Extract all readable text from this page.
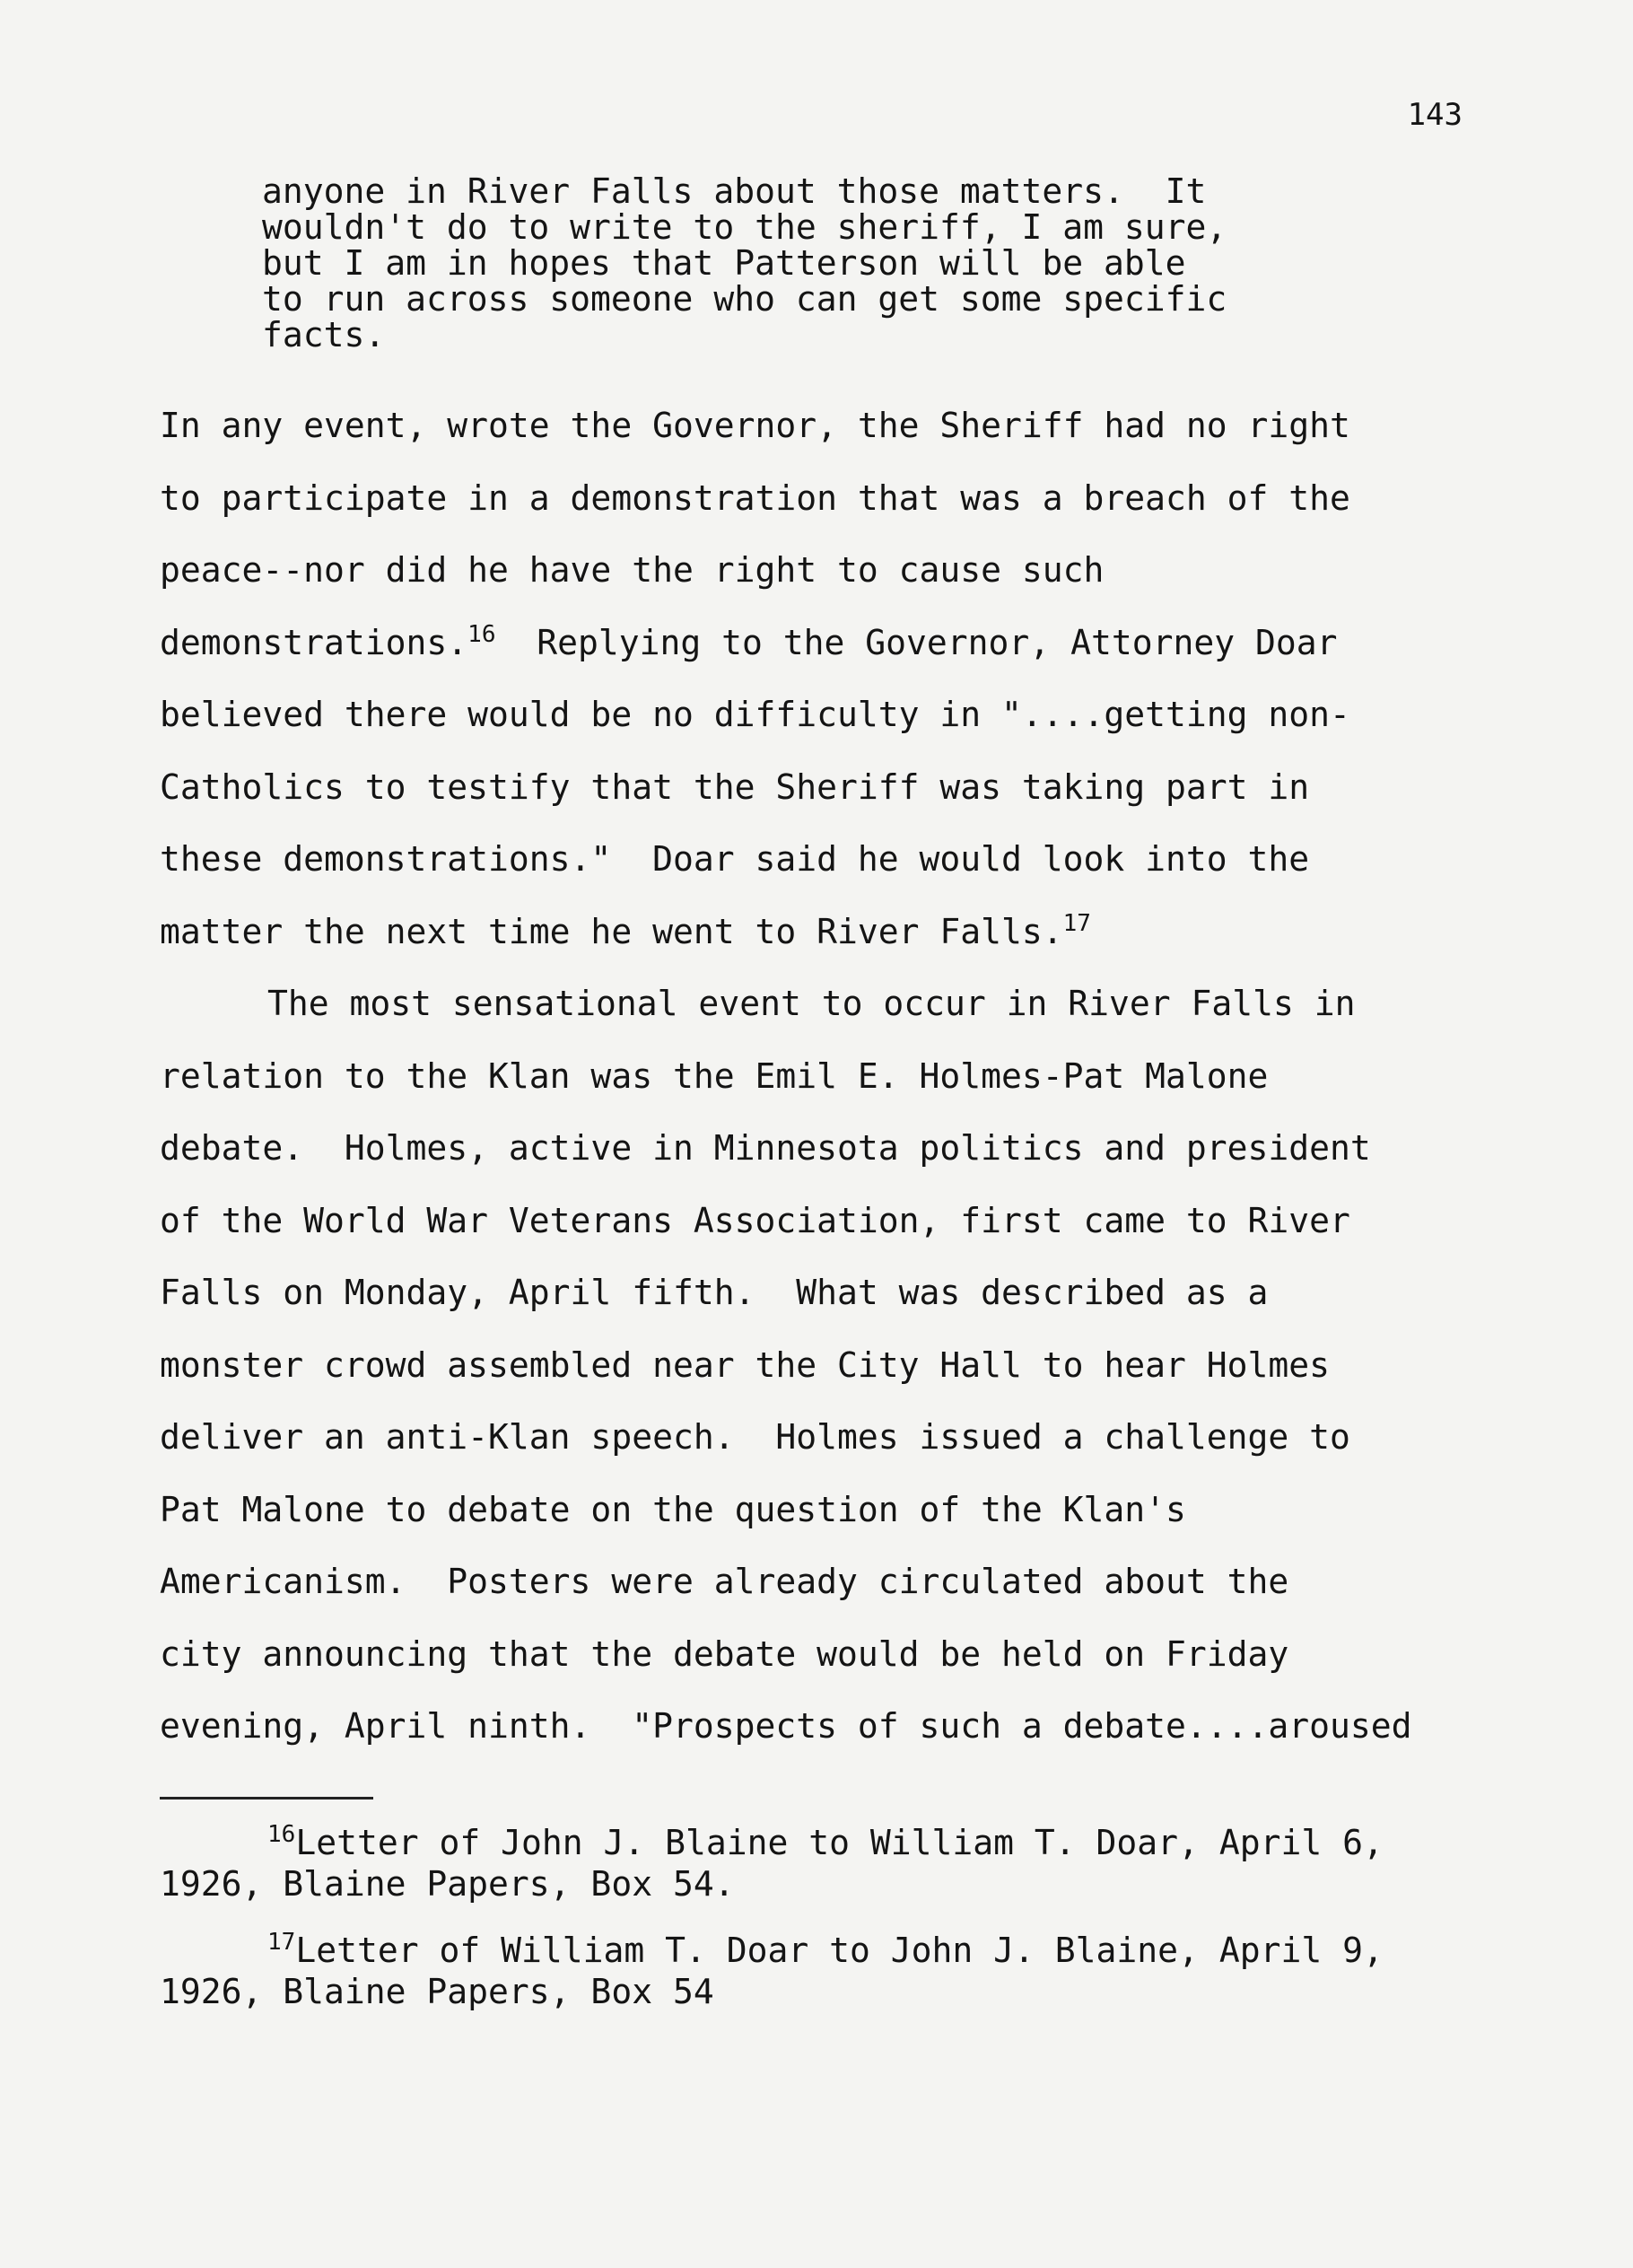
143
anyone in River Falls about those matters.  It
wouldn't do to write to the sheriff, I am sure,
but I am in hopes that Patterson will be able
to run across someone who can get some specific
facts.
In any event, wrote the Governor, the Sheriff had no right
to participate in a demonstration that was a breach of the
peace--nor did he have the right to cause such
demonstrations.$^{16}$  Replying to the Governor, Attorney Doar
believed there would be no difficulty in "....getting non-
Catholics to testify that the Sheriff was taking part in
these demonstrations."  Doar said he would look into the
matter the next time he went to River Falls.$^{17}$
The most sensational event to occur in River Falls in
relation to the Klan was the Emil E. Holmes-Pat Malone
debate.  Holmes, active in Minnesota politics and president
of the World War Veterans Association, first came to River
Falls on Monday, April fifth.  What was described as a
monster crowd assembled near the City Hall to hear Holmes
deliver an anti-Klan speech.  Holmes issued a challenge to
Pat Malone to debate on the question of the Klan's
Americanism.  Posters were already circulated about the
city announcing that the debate would be held on Friday
evening, April ninth.  "Prospects of such a debate....aroused
$^{16}$Letter of John J. Blaine to William T. Doar, April 6,
1926, Blaine Papers, Box 54.
$^{17}$Letter of William T. Doar to John J. Blaine, April 9,
1926, Blaine Papers, Box 54
